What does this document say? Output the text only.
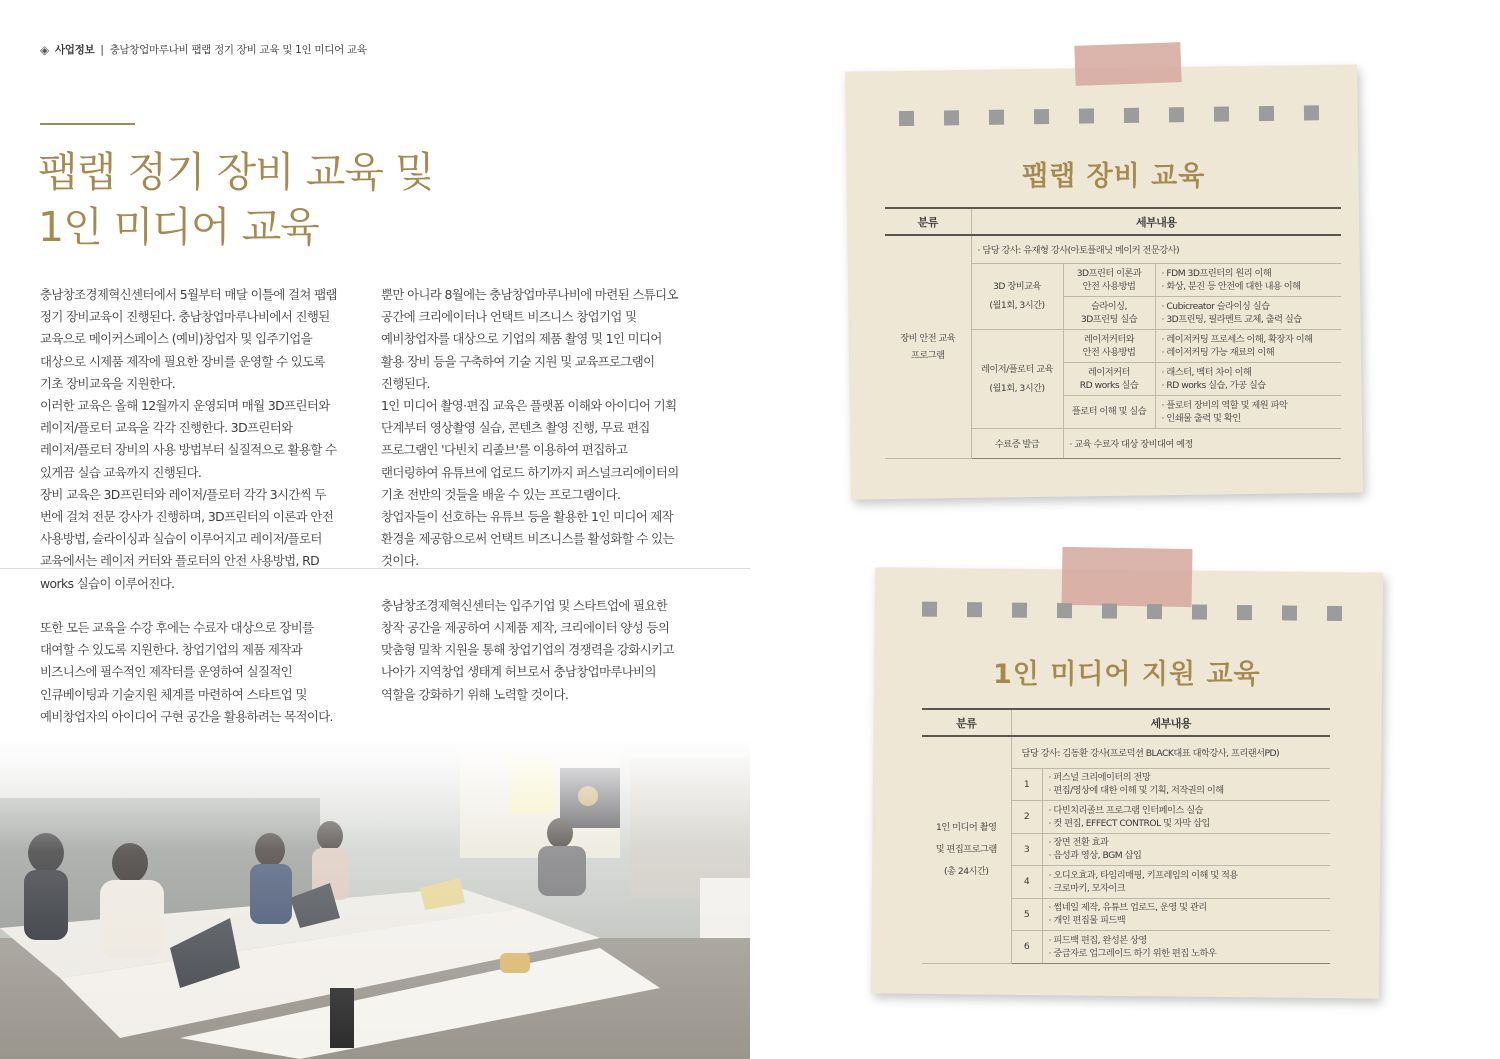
◈ 사업정보 | 충남창업마루나비 팹랩 정기 장비 교육 및 1인 미디어 교육
팹랩 정기 장비 교육 및
1인 미디어 교육

충남창조경제혁신센터에서 5월부터 매달 이틀에 걸쳐 팹랩

정기 장비교육이 진행된다. 충남창업마루나비에서 진행된

교육으로 메이커스페이스 (예비)창업자 및 입주기업을

대상으로 시제품 제작에 필요한 장비를 운영할 수 있도록

기초 장비교육을 지원한다.

이러한 교육은 올해 12월까지 운영되며 매월 3D프린터와

레이저/플로터 교육을 각각 진행한다. 3D프린터와

레이저/플로터 장비의 사용 방법부터 실질적으로 활용할 수

있게끔 실습 교육까지 진행된다.

장비 교육은 3D프린터와 레이저/플로터 각각 3시간씩 두

번에 걸쳐 전문 강사가 진행하며, 3D프린터의 이론과 안전

사용방법, 슬라이싱과 실습이 이루어지고 레이저/플로터

교육에서는 레이저 커터와 플로터의 안전 사용방법, RD

works 실습이 이루어진다.

또한 모든 교육을 수강 후에는 수료자 대상으로 장비를

대여할 수 있도록 지원한다. 창업기업의 제품 제작과

비즈니스에 필수적인 제작터를 운영하여 실질적인

인큐베이팅과 기술지원 체계를 마련하여 스타트업 및

예비창업자의 아이디어 구현 공간을 활용하려는 목적이다.

뿐만 아니라 8월에는 충남창업마루나비에 마련된 스튜디오

공간에 크리에이터나 언택트 비즈니스 창업기업 및

예비창업자를 대상으로 기업의 제품 촬영 및 1인 미디어

활용 장비 등을 구축하여 기술 지원 및 교육프로그램이

진행된다.

1인 미디어 촬영·편집 교육은 플랫폼 이해와 아이디어 기획

단계부터 영상촬영 실습, 콘텐츠 촬영 진행, 무료 편집

프로그램인 '다빈치 리졸브'를 이용하여 편집하고

랜더링하여 유튜브에 업로드 하기까지 퍼스널크리에이터의

기초 전반의 것들을 배울 수 있는 프로그램이다.

창업자들이 선호하는 유튜브 등을 활용한 1인 미디어 제작

환경을 제공함으로써 언택트 비즈니스를 활성화할 수 있는

것이다.

충남창조경제혁신센터는 입주기업 및 스타트업에 필요한

창작 공간을 제공하여 시제품 제작, 크리에이터 양성 등의

맞춤형 밀착 지원을 통해 창업기업의 경쟁력을 강화시키고

나아가 지역창업 생태계 허브로서 충남창업마루나비의

역할을 강화하기 위해 노력할 것이다.

팹랩 장비 교육
분류	세부내용		

장비 안전 교육
프로그램	· 담당 강사: 유재형 강사(아토플래닛 메이커 전문강사)		

	3D 장비교육
(월1회, 3시간)	3D프린터 이론과
안전 사용방법	· FDM 3D프린터의 원리 이해
· 화상, 분진 등 안전에 대한 내용 이해

		슬라이싱,
3D프린팅 실습	· Cubicreator 슬라이싱 실습
· 3D프린팅, 필라멘트 교체, 출력 실습

	레이저/플로터 교육
(월1회, 3시간)	레이저커터와
안전 사용방법	· 레이저커팅 프로세스 이해, 확장자 이해
· 레이저커팅 가능 재료의 이해

		레이저커터
RD works 실습	· 래스터, 벡터 차이 이해
· RD works 실습, 가공 실습

		플로터 이해 및 실습	· 플로터 장비의 역할 및 제원 파악
· 인쇄물 출력 및 확인

	수료증 발급	· 교육 수료자 대상 장비대여 예정	
1인 미디어 지원 교육
분류	세부내용	

1인 미디어 촬영
및 편집프로그램
(총 24시간)	담당 강사: 김동환 강사(프로덕션 BLACK대표 대학강사, 프리랜서PD)	
	1	· 퍼스널 크리에이터의 전망
· 편집/영상에 대한 이해 및 기획, 저작권의 이해

	2	· 다빈치리졸브 프로그램 인터페이스 실습
· 컷 편집, EFFECT CONTROL 및 자막 삽입

	3	· 장면 전환 효과
· 음성과 영상, BGM 삽입

	4	· 오디오효과, 타임리매핑, 키프레임의 이해 및 적용
· 크로마키, 모자이크

	5	· 썸네일 제작, 유튜브 업로드, 운영 및 관리
· 개인 편집물 피드백

	6	· 피드백 편집, 완성본 상영
· 중급자로 업그레이드 하기 위한 편집 노하우
